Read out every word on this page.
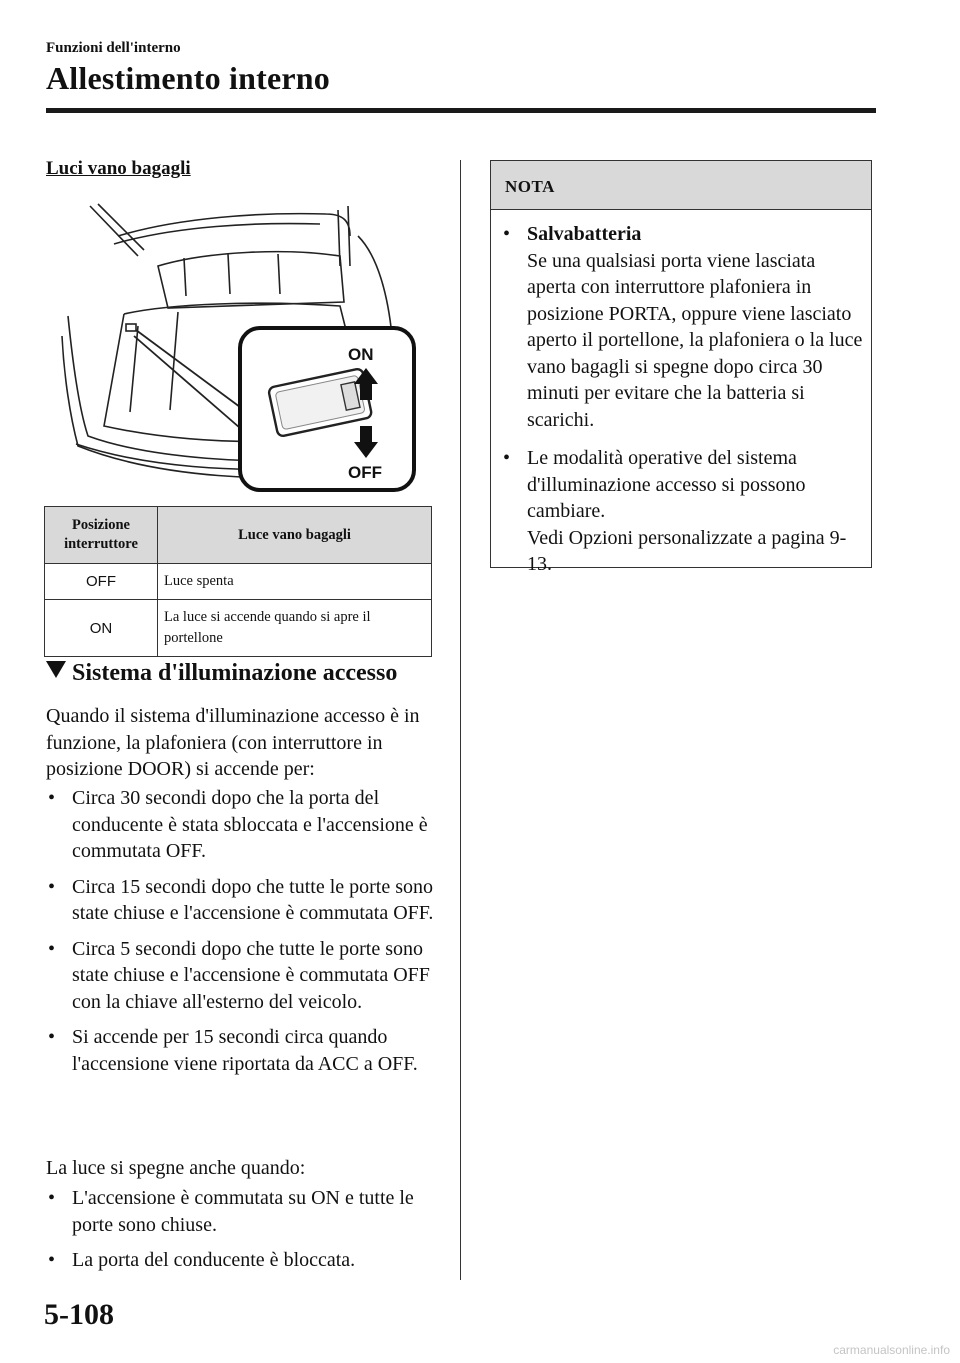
Funzioni dell'interno
Allestimento interno
Luci vano bagagli
ON
OFF
Posizione interruttore	Luce vano bagagli
OFF	Luce spenta
ON	La luce si accende quando si apre il portellone
Sistema d'illuminazione accesso
Quando il sistema d'illuminazione accesso è in funzione, la plafoniera (con interruttore in posizione DOOR) si accende per:
• Circa 30 secondi dopo che la porta del conducente è stata sbloccata e l'accensione è commutata OFF.
• Circa 15 secondi dopo che tutte le porte sono state chiuse e l'accensione è commutata OFF.
• Circa 5 secondi dopo che tutte le porte sono state chiuse e l'accensione è commutata OFF con la chiave all'esterno del veicolo.
• Si accende per 15 secondi circa quando l'accensione viene riportata da ACC a OFF.
La luce si spegne anche quando:
• L'accensione è commutata su ON e tutte le porte sono chiuse.
• La porta del conducente è bloccata.
NOTA
• Salvabatteria
Se una qualsiasi porta viene lasciata aperta con interruttore plafoniera in posizione PORTA, oppure viene lasciato aperto il portellone, la plafoniera o la luce vano bagagli si spegne dopo circa 30 minuti per evitare che la batteria si scarichi.
• Le modalità operative del sistema d'illuminazione accesso si possono cambiare.
Vedi Opzioni personalizzate a pagina 9-13.
5-108
carmanualsonline.info
